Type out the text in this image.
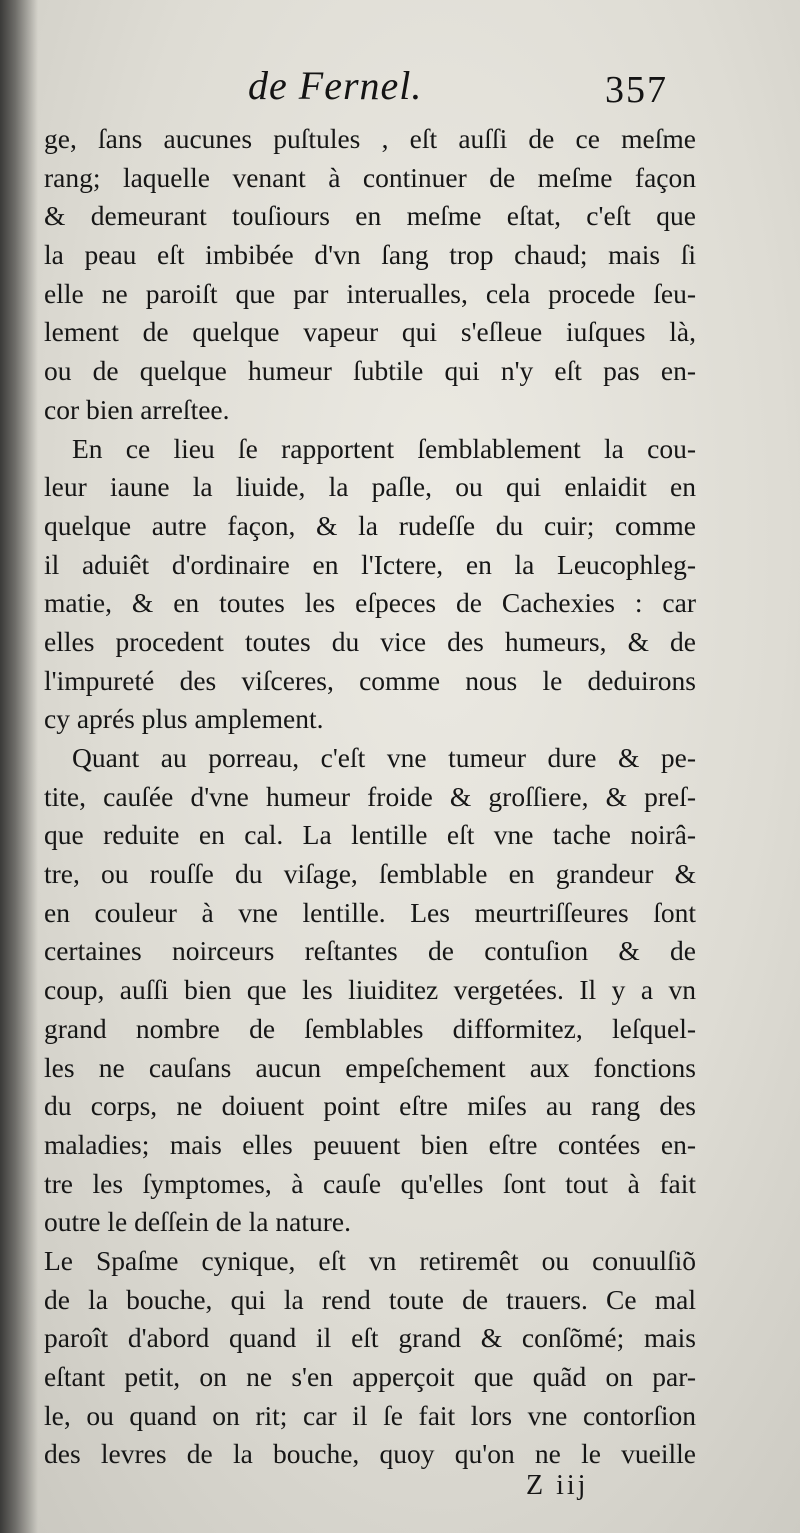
de Fernel.	357
ge, ſans aucunes puſtules , eſt auſſi de ce meſme
rang; laquelle venant à continuer de meſme façon
& demeurant touſiours en meſme eſtat, c'eſt que
la peau eſt imbibée d'vn ſang trop chaud; mais ſi
elle ne paroiſt que par interualles, cela procede ſeu-
lement de quelque vapeur qui s'eſleue iuſques là,
ou de quelque humeur ſubtile qui n'y eſt pas en-
cor bien arreſtee.
En ce lieu ſe rapportent ſemblablement la cou-
leur iaune la liuide, la paſle, ou qui enlaidit en
quelque autre façon, & la rudeſſe du cuir; comme
il aduiêt d'ordinaire en l'Ictere, en la Leucophleg-
matie, & en toutes les eſpeces de Cachexies : car
elles procedent toutes du vice des humeurs, & de
l'impureté des viſceres, comme nous le deduirons
cy aprés plus amplement.
Quant au porreau, c'eſt vne tumeur dure & pe-
tite, cauſée d'vne humeur froide & groſſiere, & preſ-
que reduite en cal. La lentille eſt vne tache noirâ-
tre, ou rouſſe du viſage, ſemblable en grandeur &
en couleur à vne lentille. Les meurtriſſeures ſont
certaines noirceurs reſtantes de contuſion & de
coup, auſſi bien que les liuiditez vergetées. Il y a vn
grand nombre de ſemblables difformitez, leſquel-
les ne cauſans aucun empeſchement aux fonctions
du corps, ne doiuent point eſtre miſes au rang des
maladies; mais elles peuuent bien eſtre contées en-
tre les ſymptomes, à cauſe qu'elles ſont tout à fait
outre le deſſein de la nature.
Le Spaſme cynique, eſt vn retiremêt ou conuulſiõ
de la bouche, qui la rend toute de trauers. Ce mal
paroît d'abord quand il eſt grand & conſõmé; mais
eſtant petit, on ne s'en apperçoit que quãd on par-
le, ou quand on rit; car il ſe fait lors vne contorſion
des levres de la bouche, quoy qu'on ne le vueille
Z iij
